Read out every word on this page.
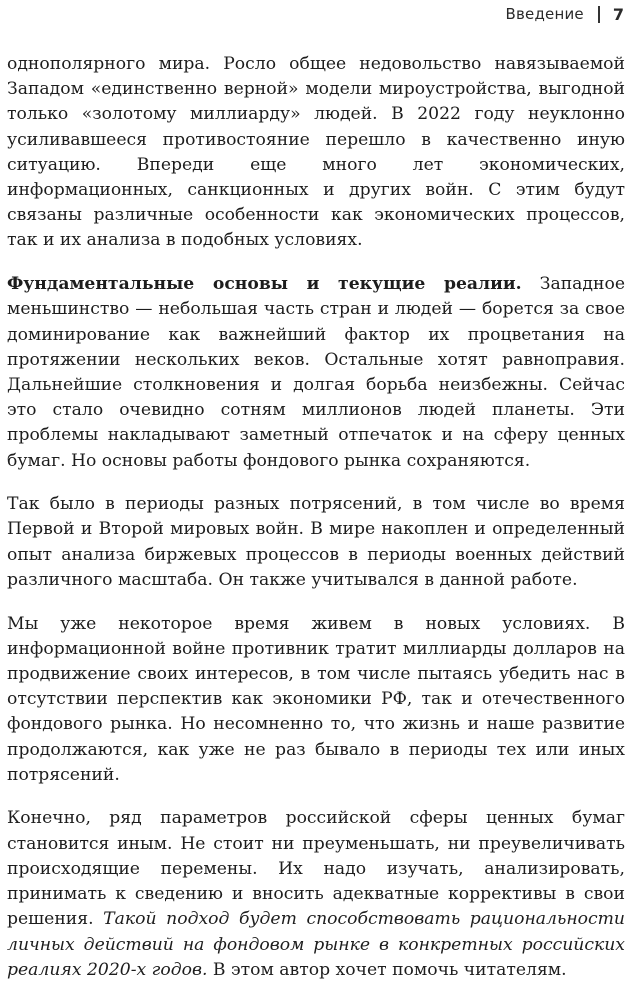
Введение 7

однополярного мира. Росло общее недовольство навязываемой Западом «единственно верной» модели мироустройства, выгодной только «золотому миллиарду» людей. В 2022 году неуклонно усиливавшееся противостояние перешло в качественно иную ситуацию. Впереди еще много лет экономических, информационных, санкционных и других войн. С этим будут связаны различные особенности как экономических процессов, так и их анализа в подобных условиях.

Фундаментальные основы и текущие реалии. Западное меньшинство — небольшая часть стран и людей — борется за свое доминирование как важнейший фактор их процветания на протяжении нескольких веков. Остальные хотят равноправия. Дальнейшие столкновения и долгая борьба неизбежны. Сейчас это стало очевидно сотням миллионов людей планеты. Эти проблемы накладывают заметный отпечаток и на сферу ценных бумаг. Но основы работы фондового рынка сохраняются.

Так было в периоды разных потрясений, в том числе во время Первой и Второй мировых войн. В мире накоплен и определенный опыт анализа биржевых процессов в периоды военных действий различного масштаба. Он также учитывался в данной работе.

Мы уже некоторое время живем в новых условиях. В информационной войне противник тратит миллиарды долларов на продвижение своих интересов, в том числе пытаясь убедить нас в отсутствии перспектив как экономики РФ, так и отечественного фондового рынка. Но несомненно то, что жизнь и наше развитие продолжаются, как уже не раз бывало в периоды тех или иных потрясений.

Конечно, ряд параметров российской сферы ценных бумаг становится иным. Не стоит ни преуменьшать, ни преувеличивать происходящие перемены. Их надо изучать, анализировать, принимать к сведению и вносить адекватные коррективы в свои решения. Такой подход будет способствовать рациональности личных действий на фондовом рынке в конкретных российских реалиях 2020-х годов. В этом автор хочет помочь читателям.
